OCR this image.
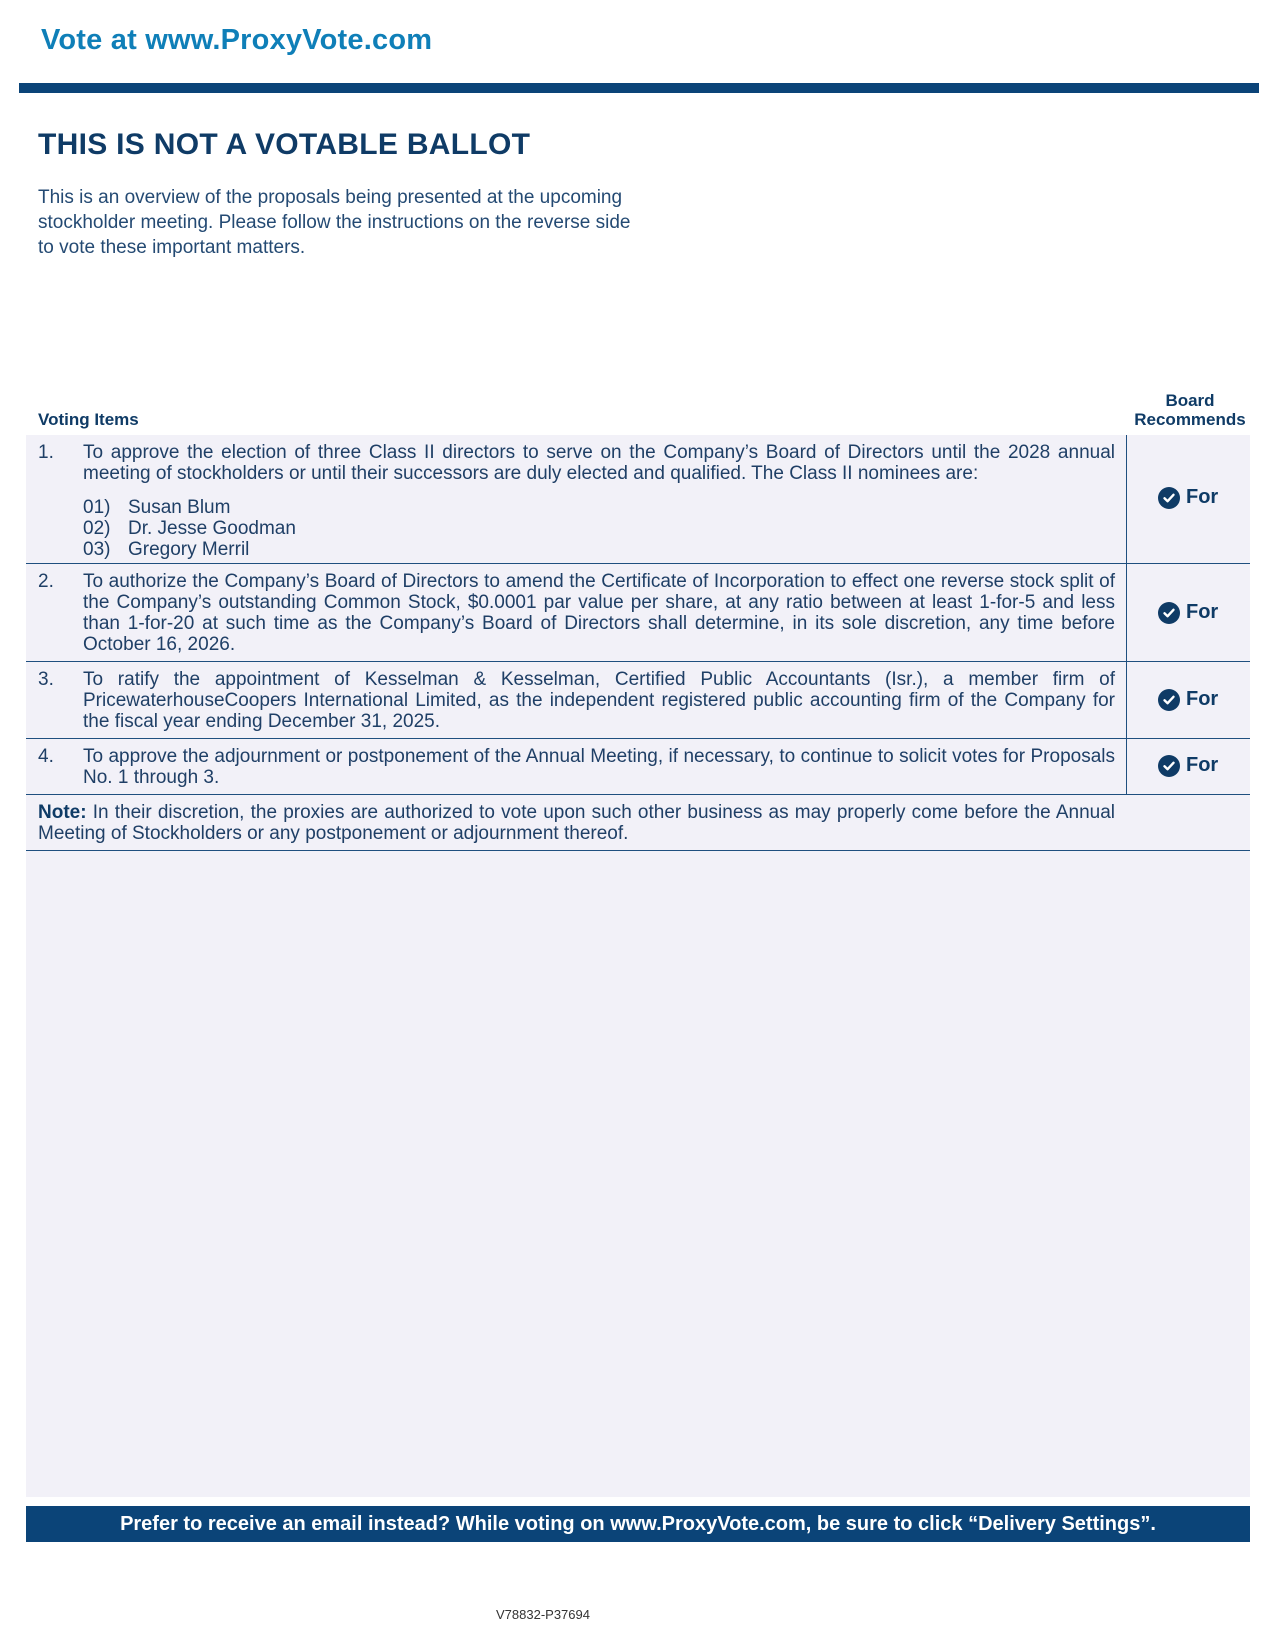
Vote at www.ProxyVote.com
THIS IS NOT A VOTABLE BALLOT
This is an overview of the proposals being presented at the upcoming stockholder meeting. Please follow the instructions on the reverse side to vote these important matters.
Voting Items
Board Recommends
1. To approve the election of three Class II directors to serve on the Company’s Board of Directors until the 2028 annual meeting of stockholders or until their successors are duly elected and qualified. The Class II nominees are:
01) Susan Blum
02) Dr. Jesse Goodman
03) Gregory Merril
For
2. To authorize the Company’s Board of Directors to amend the Certificate of Incorporation to effect one reverse stock split of the Company’s outstanding Common Stock, $0.0001 par value per share, at any ratio between at least 1-for-5 and less than 1-for-20 at such time as the Company’s Board of Directors shall determine, in its sole discretion, any time before October 16, 2026.
For
3. To ratify the appointment of Kesselman & Kesselman, Certified Public Accountants (Isr.), a member firm of PricewaterhouseCoopers International Limited, as the independent registered public accounting firm of the Company for the fiscal year ending December 31, 2025.
For
4. To approve the adjournment or postponement of the Annual Meeting, if necessary, to continue to solicit votes for Proposals No. 1 through 3.
For
Note: In their discretion, the proxies are authorized to vote upon such other business as may properly come before the Annual Meeting of Stockholders or any postponement or adjournment thereof.
Prefer to receive an email instead? While voting on www.ProxyVote.com, be sure to click “Delivery Settings”.
V78832-P37694
